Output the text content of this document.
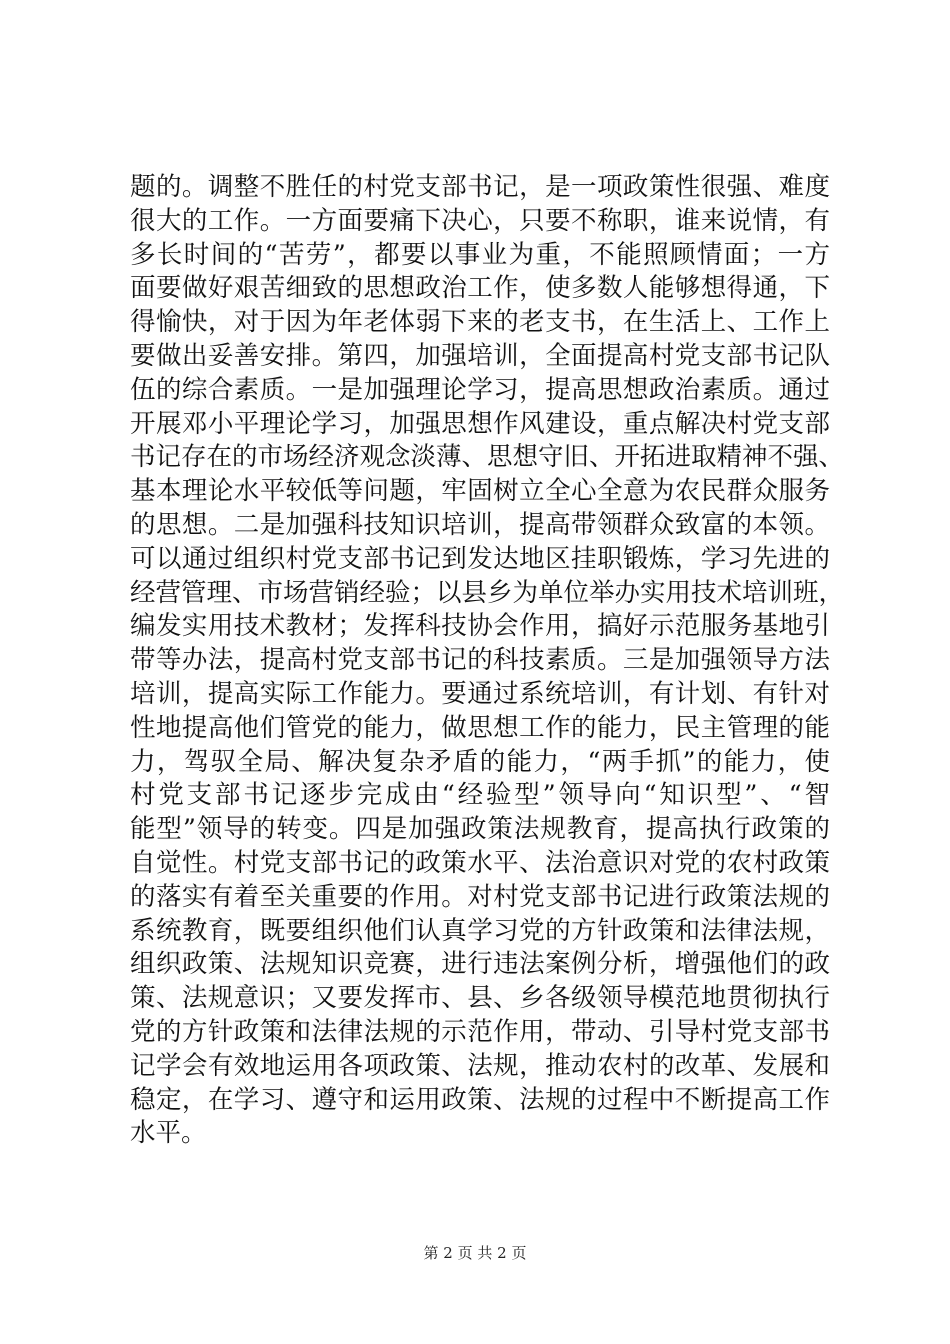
题的。调整不胜任的村党支部书记，是一项政策性很强、难度
很大的工作。一方面要痛下决心，只要不称职，谁来说情，有
多长时间的“苦劳”，都要以事业为重，不能照顾情面；一方
面要做好艰苦细致的思想政治工作，使多数人能够想得通，下
得愉快，对于因为年老体弱下来的老支书，在生活上、工作上
要做出妥善安排。第四，加强培训，全面提高村党支部书记队
伍的综合素质。一是加强理论学习，提高思想政治素质。通过
开展邓小平理论学习，加强思想作风建设，重点解决村党支部
书记存在的市场经济观念淡薄、思想守旧、开拓进取精神不强、
基本理论水平较低等问题，牢固树立全心全意为农民群众服务
的思想。二是加强科技知识培训，提高带领群众致富的本领。
可以通过组织村党支部书记到发达地区挂职锻炼，学习先进的
经营管理、市场营销经验；以县乡为单位举办实用技术培训班，
编发实用技术教材；发挥科技协会作用，搞好示范服务基地引
带等办法，提高村党支部书记的科技素质。三是加强领导方法
培训，提高实际工作能力。要通过系统培训，有计划、有针对
性地提高他们管党的能力，做思想工作的能力，民主管理的能
力，驾驭全局、解决复杂矛盾的能力，“两手抓”的能力，使
村党支部书记逐步完成由“经验型”领导向“知识型”、“智
能型”领导的转变。四是加强政策法规教育，提高执行政策的
自觉性。村党支部书记的政策水平、法治意识对党的农村政策
的落实有着至关重要的作用。对村党支部书记进行政策法规的
系统教育，既要组织他们认真学习党的方针政策和法律法规，
组织政策、法规知识竞赛，进行违法案例分析，增强他们的政
策、法规意识；又要发挥市、县、乡各级领导模范地贯彻执行
党的方针政策和法律法规的示范作用，带动、引导村党支部书
记学会有效地运用各项政策、法规，推动农村的改革、发展和
稳定，在学习、遵守和运用政策、法规的过程中不断提高工作
水平。
第 2 页 共 2 页
